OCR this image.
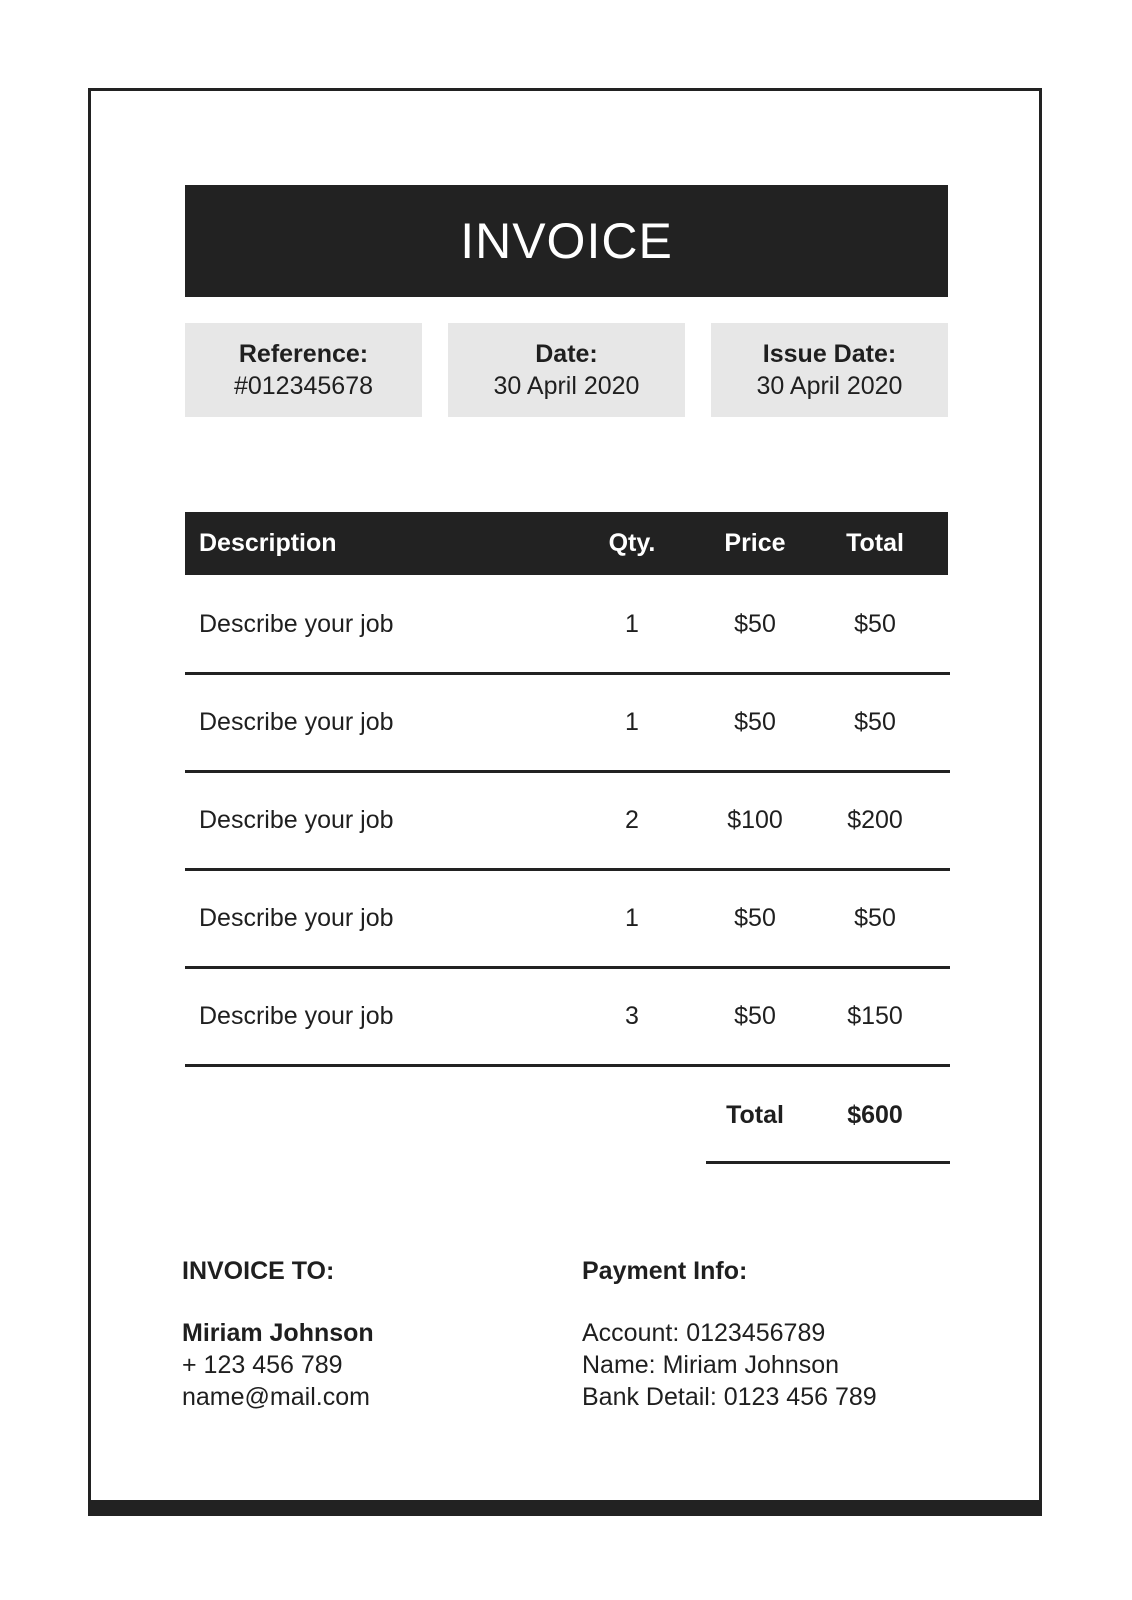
INVOICE
Reference:
#012345678
Date:
30 April 2020
Issue Date:
30 April 2020
Description	Qty.	Price	Total
Describe your job	1	$50	$50
Describe your job	1	$50	$50
Describe your job	2	$100	$200
Describe your job	1	$50	$50
Describe your job	3	$50	$150
Total	$600
INVOICE TO:
Miriam Johnson
+ 123 456 789
name@mail.com
Payment Info:
Account: 0123456789
Name: Miriam Johnson
Bank Detail: 0123 456 789
